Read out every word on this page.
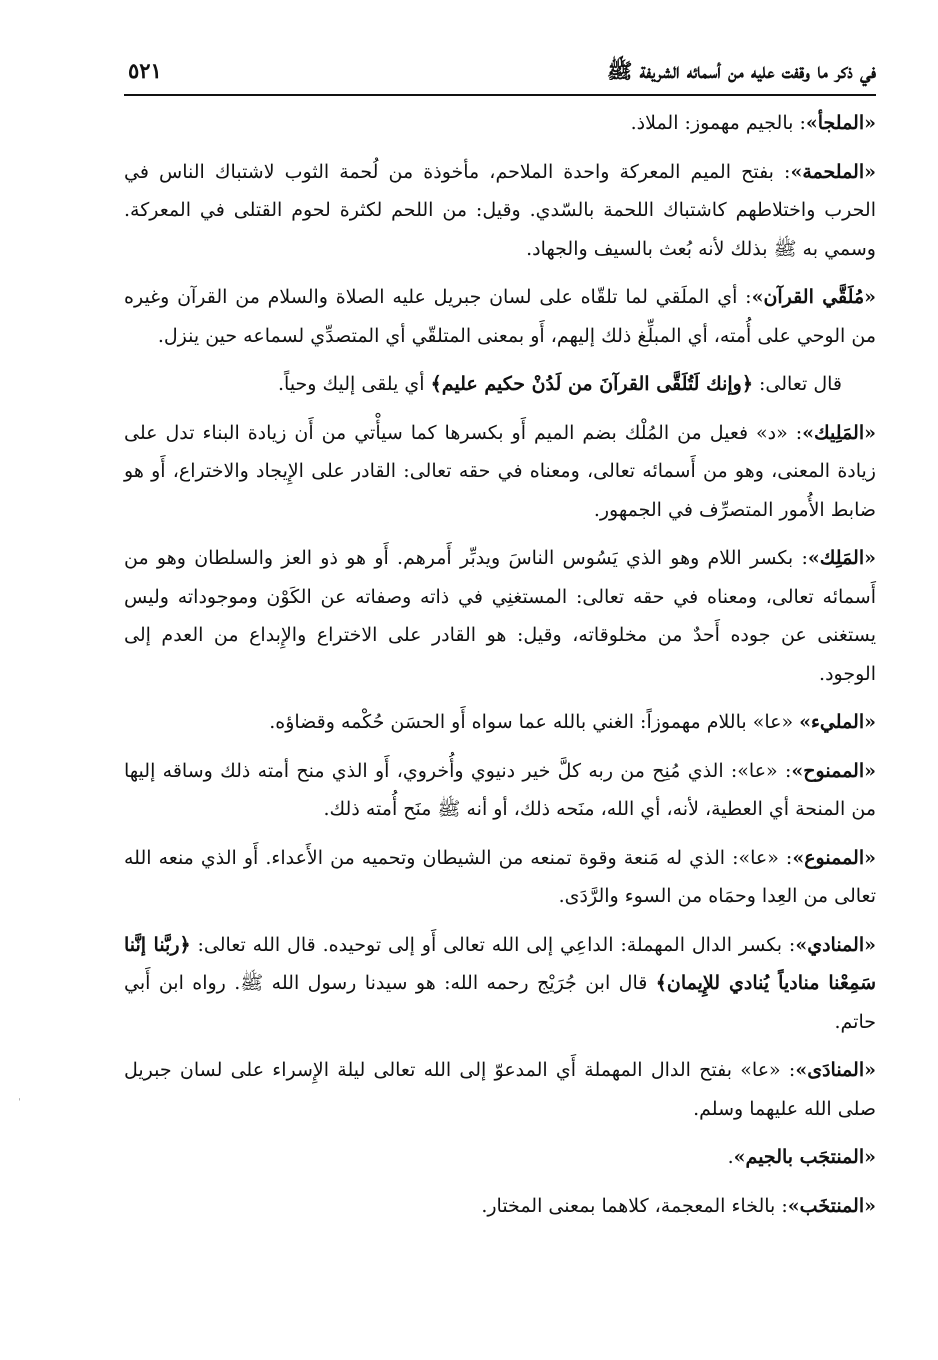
في ذكر ما وقفت عليه من أسمائه الشريفة ﷺ
٥٢١

«الملجأ»: بالجيم مهموز: الملاذ.

«الملحمة»: بفتح الميم المعركة واحدة الملاحم، مأخوذة من لُحمة الثوب لاشتباك الناس في الحرب واختلاطهم كاشتباك اللحمة بالسّدي. وقيل: من اللحم لكثرة لحوم القتلى في المعركة. وسمي به ﷺ بذلك لأنه بُعث بالسيف والجهاد.

«مُلَقَّي القرآن»: أي الملَقي لما تلقّاه على لسان جبريل عليه الصلاة والسلام من القرآن وغيره من الوحي على أُمته، أي المبلِّغ ذلك إليهم، أَو بمعنى المتلقّي أي المتصدِّي لسماعه حين ينزل.

قال تعالى: ﴿وإنك لَتُلَقَّى القرآنَ من لَدُنْ حكيم عليم﴾ أي يلقى إليك وحياً.

«المَلِيك»: «د» فعيل من المُلْك بضم الميم أَو بكسرها كما سيأْتي من أَن زيادة البناء تدل على زيادة المعنى، وهو من أَسمائه تعالى، ومعناه في حقه تعالى: القادر على الإِيجاد والاختراع، أَو هو ضابط الأُمور المتصرِّف في الجمهور.

«المَلِك»: بكسر اللام وهو الذي يَسُوس الناسَ ويدبِّر أَمرهم. أَو هو ذو العز والسلطان وهو من أَسمائه تعالى، ومعناه في حقه تعالى: المستغنِي في ذاته وصفاته عن الكَوْن وموجوداته وليس يستغنى عن جوده أَحدٌ من مخلوقاته، وقيل: هو القادر على الاختراع والإِبداع من العدم إلى الوجود.

«المليء» «عا» باللام مهموزاً: الغني بالله عما سواه أَو الحسَن حُكْمه وقضاؤه.

«الممنوح»: «عا»: الذي مُنِح من ربه كلَّ خير دنيوي وأُخروي، أَو الذي منح أمته ذلك وساقه إليها من المنحة أي العطية، لأنه، أي الله، منَحه ذلك، أو أنه ﷺ منَح أُمته ذلك.

«الممنوع»: «عا»: الذي له مَنعة وقوة تمنعه من الشيطان وتحميه من الأَعداء. أَو الذي منعه الله تعالى من العِدا وحمَاه من السوء والرَّدَى.

«المنادي»: بكسر الدال المهملة: الداعِي إلى الله تعالى أَو إلى توحيده. قال الله تعالى: ﴿ربَّنا إنَّنا سَمِعْنا منادياً يُنادي للإِيمان﴾ قال ابن جُرَيْج رحمه الله: هو سيدنا رسول الله ﷺ. رواه ابن أَبي حاتم.

«المنادَى»: «عا» بفتح الدال المهملة أَي المدعوّ إلى الله تعالى ليلة الإِسراء على لسان جبريل صلى الله عليهما وسلم.

«المنتجَب بالجيم».

«المنتخَب»: بالخاء المعجمة، كلاهما بمعنى المختار.

ˈ
